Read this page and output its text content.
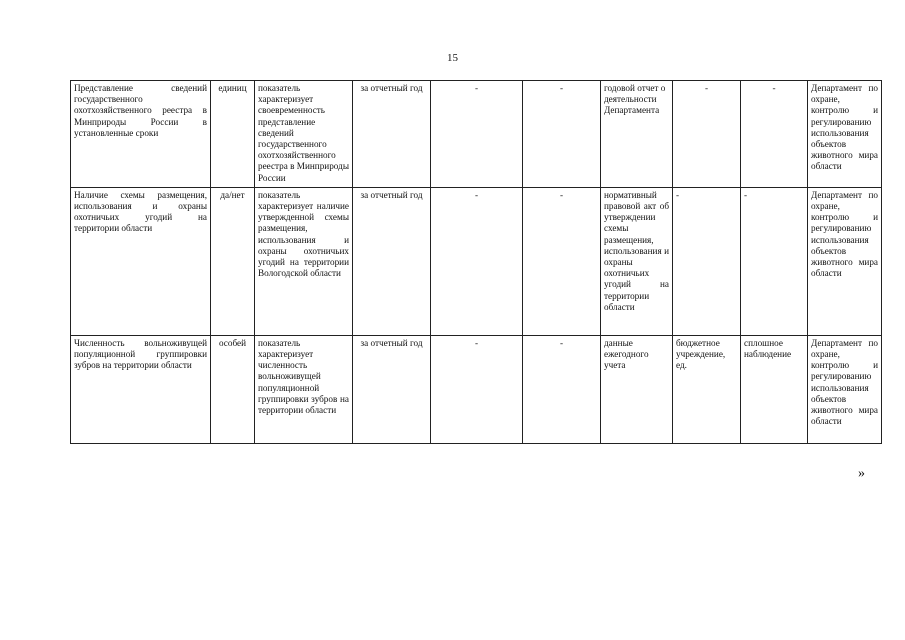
15
Представление сведений государственного охотхозяйственного реестра в Минприроды России в установленные сроки	единиц	показатель характеризует своевременность представление сведений государственного охотхозяйственного реестра в Минприроды России	за отчетный год	-	-	годовой отчет о деятельности Департамента	-	-	Департамент по охране, контролю и регулированию использования объектов животного мира области
Наличие схемы размещения, использования и охраны охотничьих угодий на территории области	да/нет	показатель характеризует наличие утвержденной схемы размещения, использования и охраны охотничьих угодий на территории Вологодской области	за отчетный год	-	-	нормативный правовой акт об утверждении схемы размещения, использования и охраны охотничьих угодий на территории области	-	-	Департамент по охране, контролю и регулированию использования объектов животного мира области
Численность вольноживущей популяционной группировки зубров на территории области	особей	показатель характеризует численность вольноживущей популяционной группировки зубров на территории области	за отчетный год	-	-	данные ежегодного учета	бюджетное учреждение, ед.	сплошное наблюдение	Департамент по охране, контролю и регулированию использования объектов животного мира области
»
